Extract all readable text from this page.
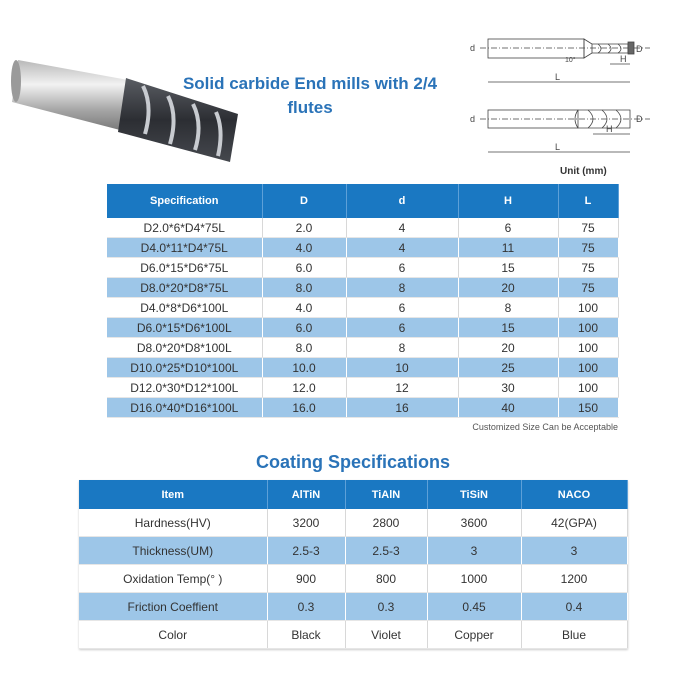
Solid carbide End mills with 2/4
flutes
L
H
10°
D
d
L
H
D
d
Unit (mm)
Specification	D	d	H	L
D2.0*6*D4*75L	2.0	4	6	75
D4.0*11*D4*75L	4.0	4	11	75
D6.0*15*D6*75L	6.0	6	15	75
D8.0*20*D8*75L	8.0	8	20	75
D4.0*8*D6*100L	4.0	6	8	100
D6.0*15*D6*100L	6.0	6	15	100
D8.0*20*D8*100L	8.0	8	20	100
D10.0*25*D10*100L	10.0	10	25	100
D12.0*30*D12*100L	12.0	12	30	100
D16.0*40*D16*100L	16.0	16	40	150
Customized Size Can be Acceptable
Coating Specifications
Item	AlTiN	TiAlN	TiSiN	NACO
Hardness(HV)	3200	2800	3600	42(GPA)
Thickness(UM)	2.5-3	2.5-3	3	3
Oxidation Temp(° )	900	800	1000	1200
Friction Coeffient	0.3	0.3	0.45	0.4
Color	Black	Violet	Copper	Blue
